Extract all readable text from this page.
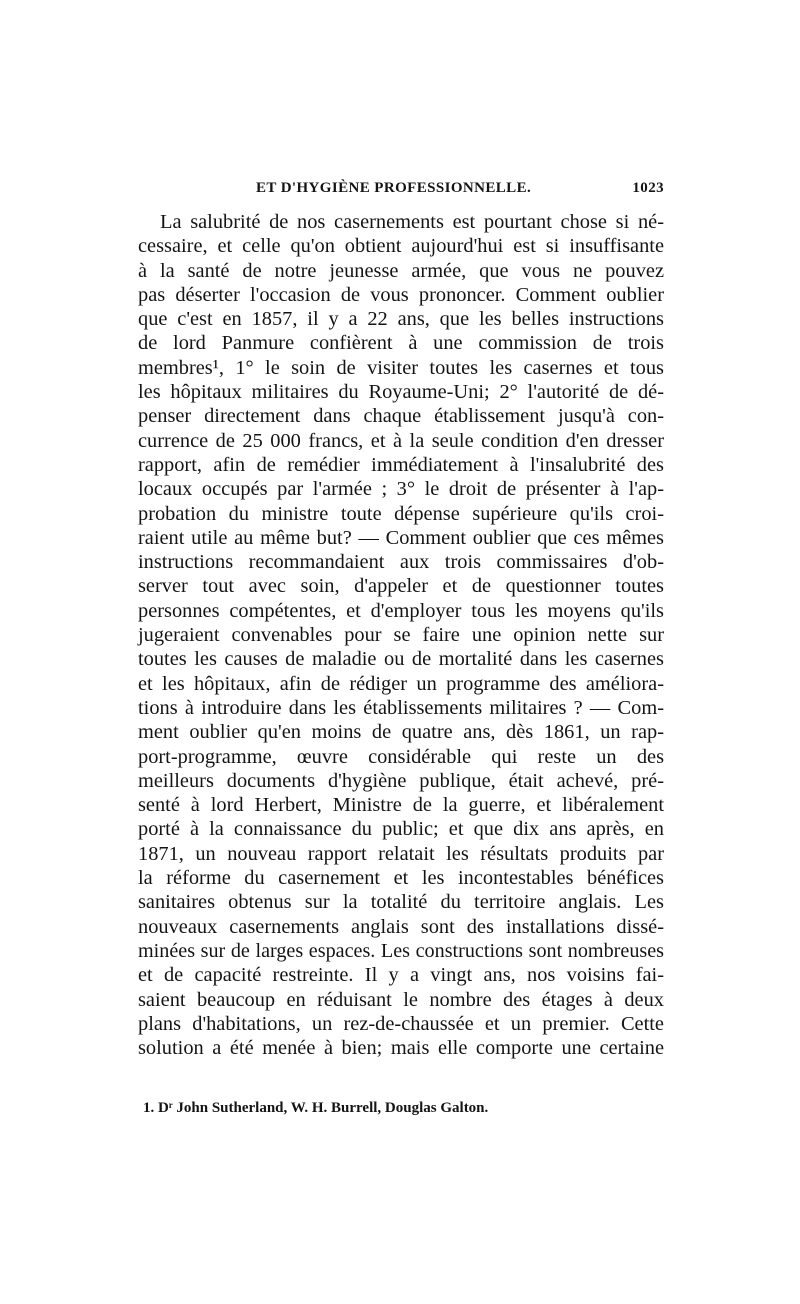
ET D'HYGIÈNE PROFESSIONNELLE.	1023
La salubrité de nos casernements est pourtant chose si né-
cessaire, et celle qu'on obtient aujourd'hui est si insuffisante
à la santé de notre jeunesse armée, que vous ne pouvez
pas déserter l'occasion de vous prononcer. Comment oublier
que c'est en 1857, il y a 22 ans, que les belles instructions
de lord Panmure confièrent à une commission de trois
membres¹, 1° le soin de visiter toutes les casernes et tous
les hôpitaux militaires du Royaume-Uni; 2° l'autorité de dé-
penser directement dans chaque établissement jusqu'à con-
currence de 25 000 francs, et à la seule condition d'en dresser
rapport, afin de remédier immédiatement à l'insalubrité des
locaux occupés par l'armée ; 3° le droit de présenter à l'ap-
probation du ministre toute dépense supérieure qu'ils croi-
raient utile au même but? — Comment oublier que ces mêmes
instructions recommandaient aux trois commissaires d'ob-
server tout avec soin, d'appeler et de questionner toutes
personnes compétentes, et d'employer tous les moyens qu'ils
jugeraient convenables pour se faire une opinion nette sur
toutes les causes de maladie ou de mortalité dans les casernes
et les hôpitaux, afin de rédiger un programme des améliora-
tions à introduire dans les établissements militaires ? — Com-
ment oublier qu'en moins de quatre ans, dès 1861, un rap-
port-programme, œuvre considérable qui reste un des
meilleurs documents d'hygiène publique, était achevé, pré-
senté à lord Herbert, Ministre de la guerre, et libéralement
porté à la connaissance du public; et que dix ans après, en
1871, un nouveau rapport relatait les résultats produits par
la réforme du casernement et les incontestables bénéfices
sanitaires obtenus sur la totalité du territoire anglais. Les
nouveaux casernements anglais sont des installations dissé-
minées sur de larges espaces. Les constructions sont nombreuses
et de capacité restreinte. Il y a vingt ans, nos voisins fai-
saient beaucoup en réduisant le nombre des étages à deux
plans d'habitations, un rez-de-chaussée et un premier. Cette
solution a été menée à bien; mais elle comporte une certaine
1. Dʳ John Sutherland, W. H. Burrell, Douglas Galton.
